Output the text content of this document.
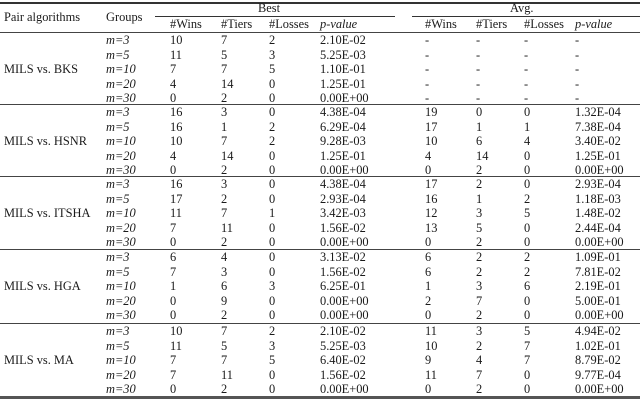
Pair algorithms Groups
Best	Avg.
#Wins #Tiers #Losses p-value	#Wins #Tiers #Losses p-value
MILS vs. BKS
m=3	10	7	2	2.10E-02	-	-	-	-
m=5	11	5	3	5.25E-03	-	-	-	-
m=10	7	7	5	1.10E-01	-	-	-	-
m=20	4	14	0	1.25E-01	-	-	-	-
m=30	0	2	0	0.00E+00	-	-	-	-
MILS vs. HSNR
m=3	16	3	0	4.38E-04	19	0	0	1.32E-04
m=5	16	1	2	6.29E-04	17	1	1	7.38E-04
m=10	10	7	2	9.28E-03	10	6	4	3.40E-02
m=20	4	14	0	1.25E-01	4	14	0	1.25E-01
m=30	0	2	0	0.00E+00	0	2	0	0.00E+00
MILS vs. ITSHA
m=3	16	3	0	4.38E-04	17	2	0	2.93E-04
m=5	17	2	0	2.93E-04	16	1	2	1.18E-03
m=10	11	7	1	3.42E-03	12	3	5	1.48E-02
m=20	7	11	0	1.56E-02	13	5	0	2.44E-04
m=30	0	2	0	0.00E+00	0	2	0	0.00E+00
MILS vs. HGA
m=3	6	4	0	3.13E-02	6	2	2	1.09E-01
m=5	7	3	0	1.56E-02	6	2	2	7.81E-02
m=10	1	6	3	6.25E-01	1	3	6	2.19E-01
m=20	0	9	0	0.00E+00	2	7	0	5.00E-01
m=30	0	2	0	0.00E+00	0	2	0	0.00E+00
MILS vs. MA
m=3	10	7	2	2.10E-02	11	3	5	4.94E-02
m=5	11	5	3	5.25E-03	10	2	7	1.02E-01
m=10	7	7	5	6.40E-02	9	4	7	8.79E-02
m=20	7	11	0	1.56E-02	11	7	0	9.77E-04
m=30	0	2	0	0.00E+00	0	2	0	0.00E+00
